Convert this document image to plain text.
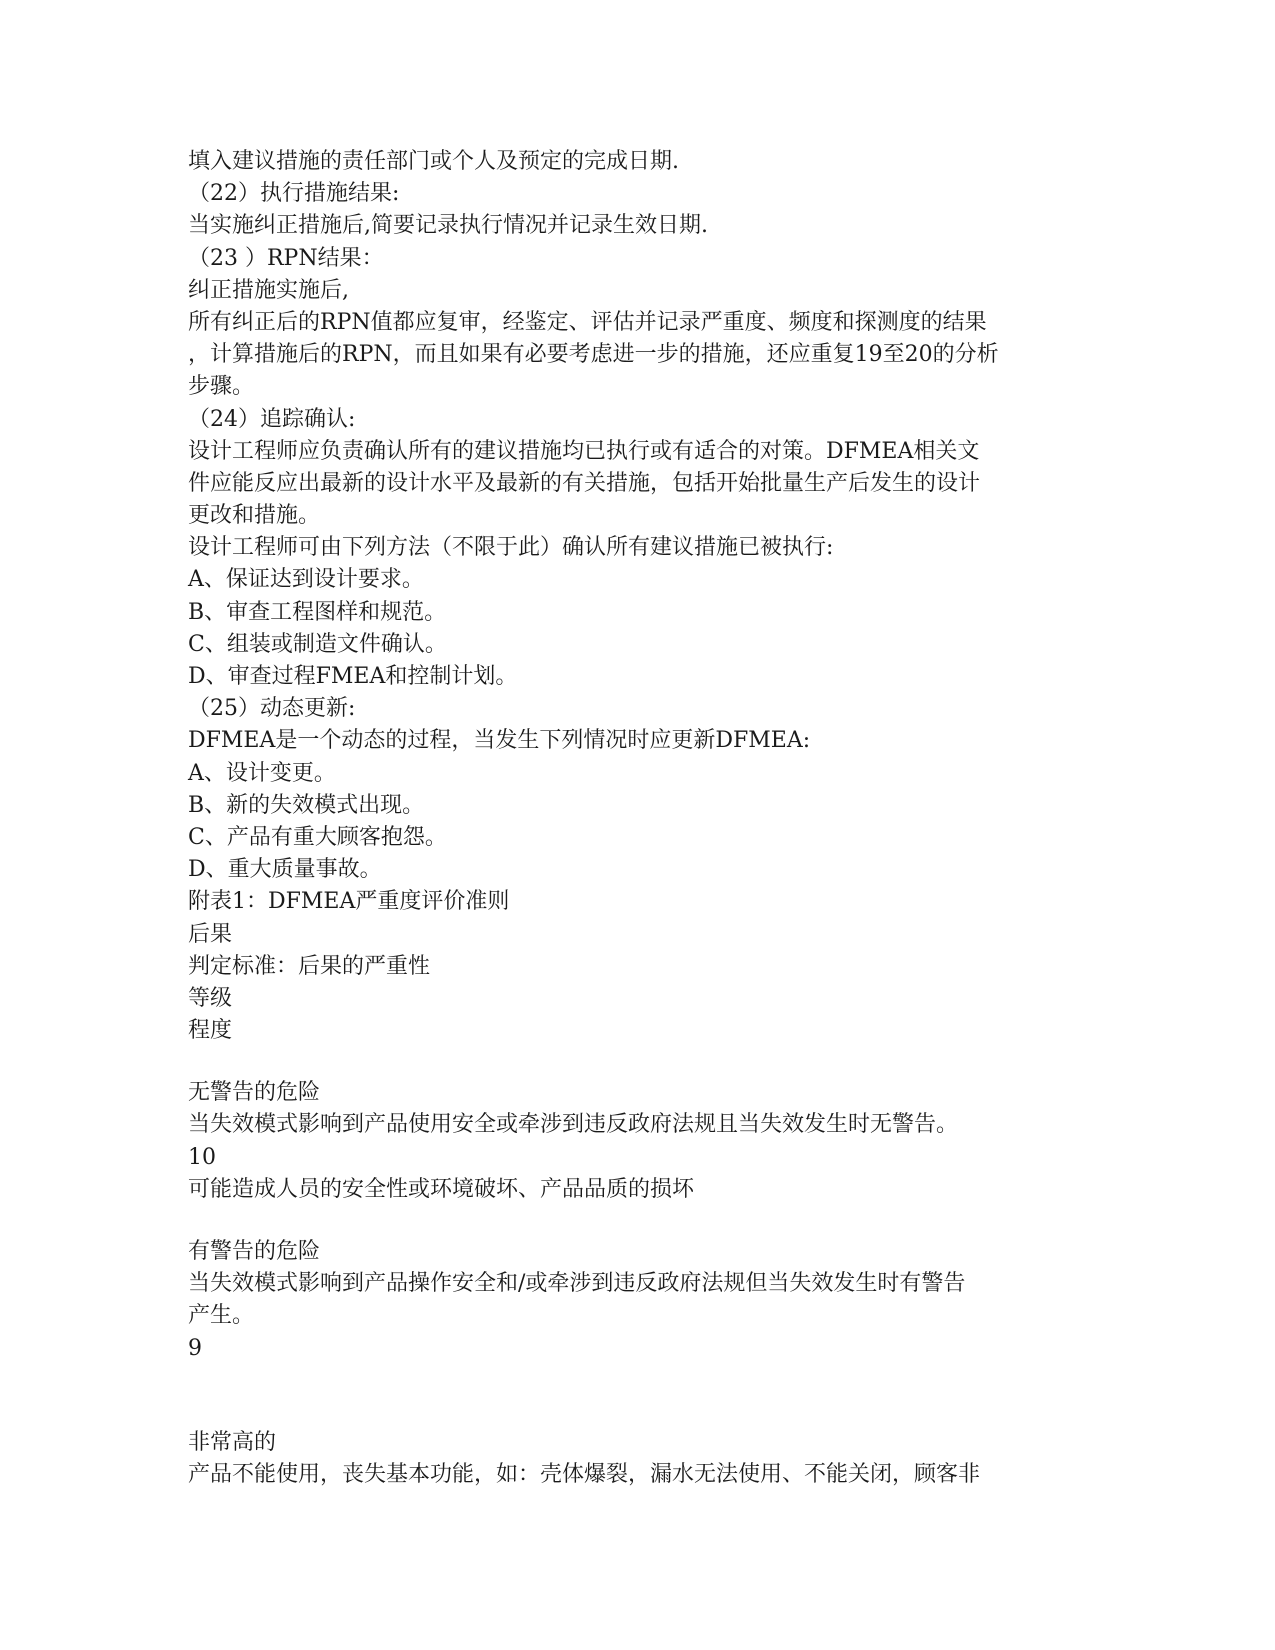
填入建议措施的责任部门或个人及预定的完成日期.
（22）执行措施结果:
当实施纠正措施后,简要记录执行情况并记录生效日期.
（23 ）RPN结果：
纠正措施实施后,
所有纠正后的RPN值都应复审，经鉴定、评估并记录严重度、频度和探测度的结果
，计算措施后的RPN，而且如果有必要考虑进一步的措施，还应重复19至20的分析
步骤。
（24）追踪确认:
设计工程师应负责确认所有的建议措施均已执行或有适合的对策。DFMEA相关文
件应能反应出最新的设计水平及最新的有关措施，包括开始批量生产后发生的设计
更改和措施。
设计工程师可由下列方法（不限于此）确认所有建议措施已被执行:
A、保证达到设计要求。
B、审查工程图样和规范。
C、组装或制造文件确认。
D、审查过程FMEA和控制计划。
（25）动态更新:
DFMEA是一个动态的过程，当发生下列情况时应更新DFMEA:
A、设计变更。
B、新的失效模式出现。
C、产品有重大顾客抱怨。
D、重大质量事故。
附表1：DFMEA严重度评价准则
后果
判定标准：后果的严重性
等级
程度
无警告的危险
当失效模式影响到产品使用安全或牵涉到违反政府法规且当失效发生时无警告。
10
可能造成人员的安全性或环境破坏、产品品质的损坏
有警告的危险
当失效模式影响到产品操作安全和/或牵涉到违反政府法规但当失效发生时有警告
产生。
9
非常高的
产品不能使用，丧失基本功能，如：壳体爆裂，漏水无法使用、不能关闭，顾客非
